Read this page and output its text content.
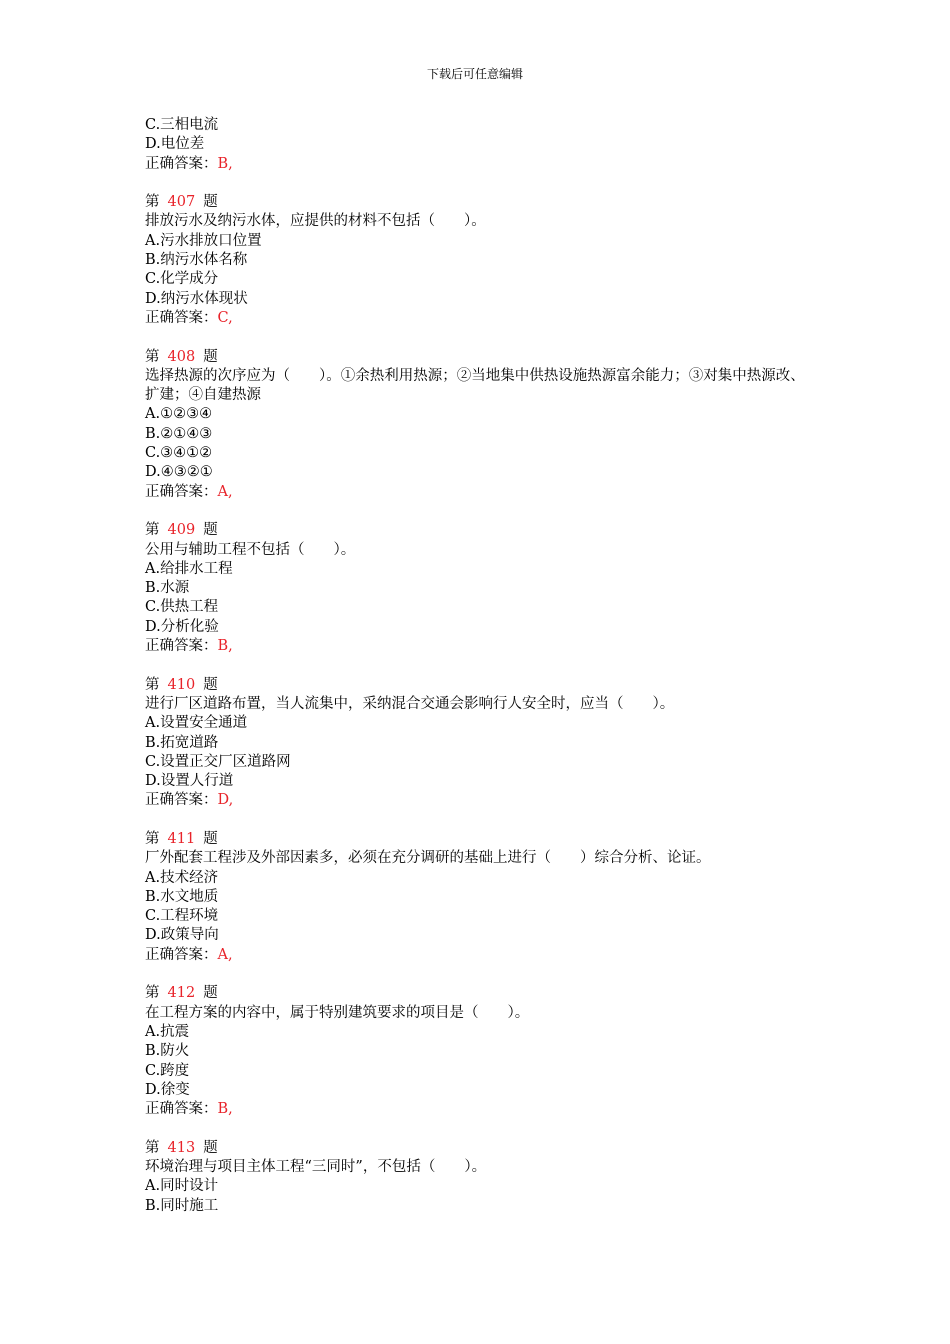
下载后可任意编辑
C.三相电流
D.电位差
正确答案：B,
第 407 题
排放污水及纳污水体，应提供的材料不包括（　　）。
A.污水排放口位置
B.纳污水体名称
C.化学成分
D.纳污水体现状
正确答案：C,
第 408 题
选择热源的次序应为（　　）。①余热利用热源；②当地集中供热设施热源富余能力；③对集中热源改、扩建；④自建热源
A.①②③④
B.②①④③
C.③④①②
D.④③②①
正确答案：A,
第 409 题
公用与辅助工程不包括（　　）。
A.给排水工程
B.水源
C.供热工程
D.分析化验
正确答案：B,
第 410 题
进行厂区道路布置，当人流集中，采纳混合交通会影响行人安全时，应当（　　）。
A.设置安全通道
B.拓宽道路
C.设置正交厂区道路网
D.设置人行道
正确答案：D,
第 411 题
厂外配套工程涉及外部因素多，必须在充分调研的基础上进行（　　）综合分析、论证。
A.技术经济
B.水文地质
C.工程环境
D.政策导向
正确答案：A,
第 412 题
在工程方案的内容中，属于特别建筑要求的项目是（　　）。
A.抗震
B.防火
C.跨度
D.徐变
正确答案：B,
第 413 题
环境治理与项目主体工程“三同时”，不包括（　　）。
A.同时设计
B.同时施工
